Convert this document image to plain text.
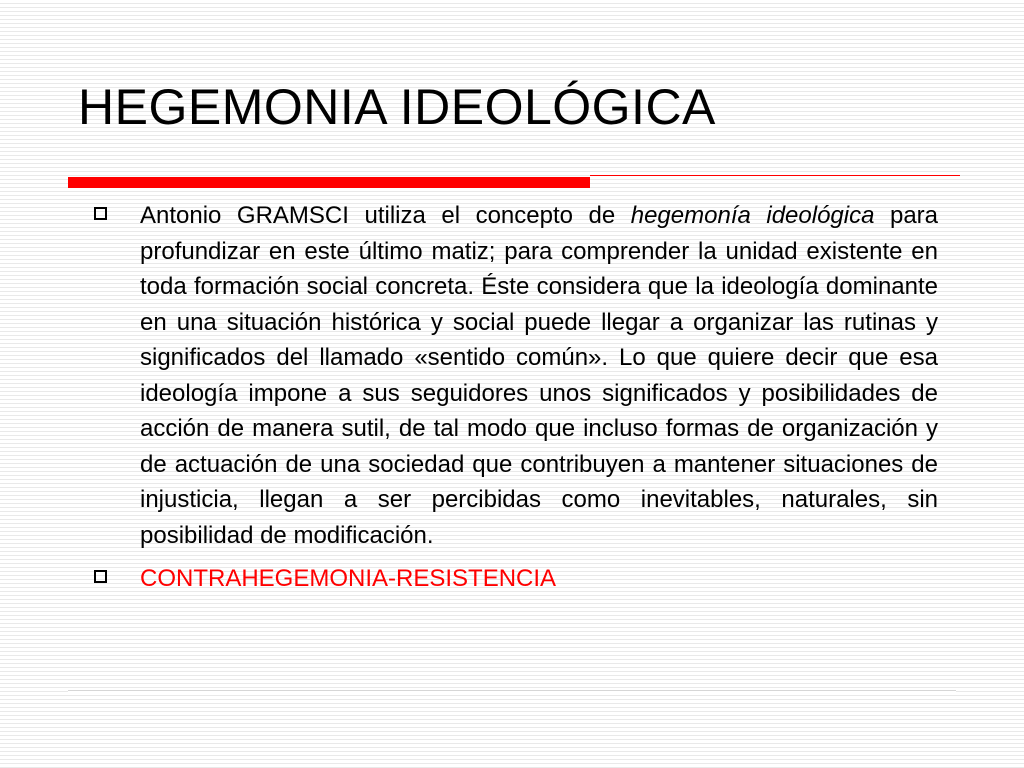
HEGEMONIA IDEOLÓGICA
Antonio GRAMSCI utiliza el concepto de hegemonía ideológica para profundizar en este último matiz; para comprender la unidad existente en toda formación social concreta. Éste considera que la ideología dominante en una situación histórica y social puede llegar a organizar las rutinas y significados del llamado «sentido común». Lo que quiere decir que esa ideología impone a sus seguidores unos significados y posibilidades de acción de manera sutil, de tal modo que incluso formas de organización y de actuación de una sociedad que contribuyen a mantener situaciones de injusticia, llegan a ser percibidas como inevitables, naturales, sin posibilidad de modificación.
CONTRAHEGEMONIA-RESISTENCIA
